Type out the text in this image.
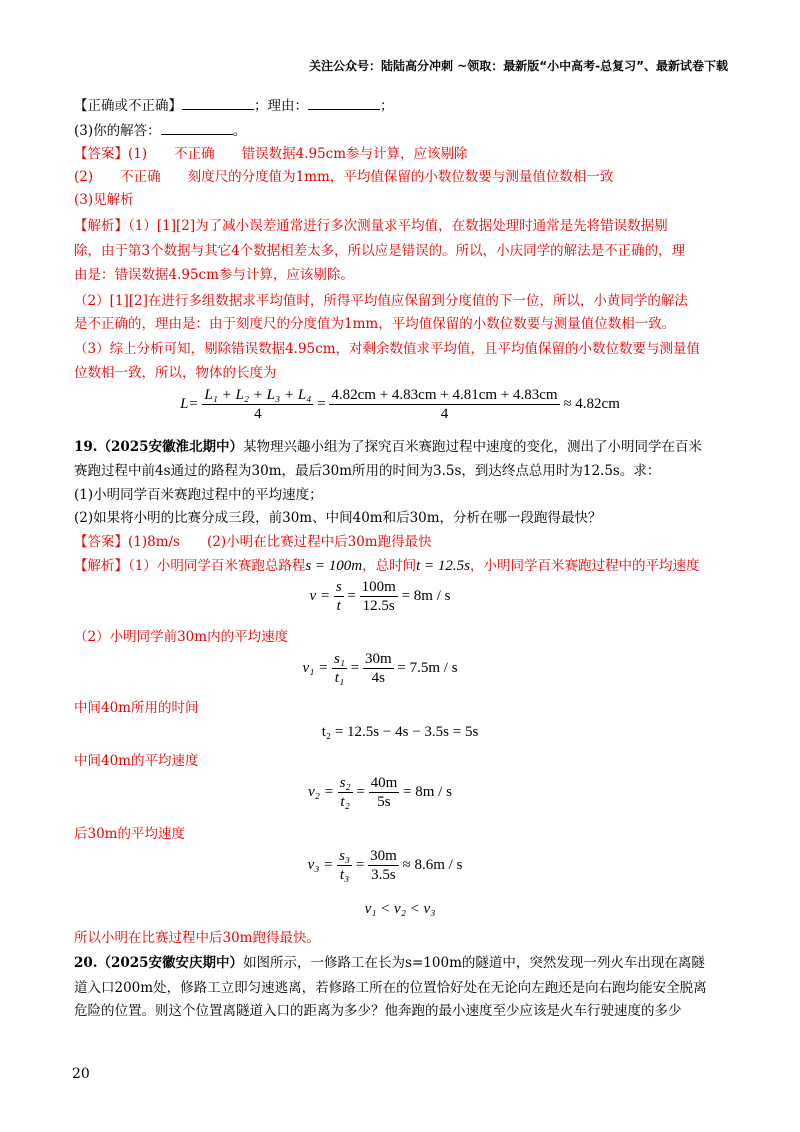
关注公众号：陆陆高分冲刺 ~领取：最新版“小中高考-总复习”、最新试卷下载
【正确或不正确】	；理由：	；
(3)你的解答：	。
【答案】(1)　　不正确　　错误数据4.95cm参与计算，应该剔除
(2)　　不正确　　刻度尺的分度值为1mm，平均值保留的小数位数要与测量值位数相一致
(3)见解析
【解析】（1）[1][2]为了减小误差通常进行多次测量求平均值，在数据处理时通常是先将错误数据剔
除，由于第3个数据与其它4个数据相差太多，所以应是错误的。所以，小庆同学的解法是不正确的，理
由是：错误数据4.95cm参与计算，应该剔除。
（2）[1][2]在进行多组数据求平均值时，所得平均值应保留到分度值的下一位，所以，小黄同学的解法
是不正确的，理由是：由于刻度尺的分度值为1mm，平均值保留的小数位数要与测量值位数相一致。
（3）综上分析可知，剔除错误数据4.95cm，对剩余数值求平均值，且平均值保留的小数位数要与测量值
位数相一致，所以，物体的长度为
$L= \frac{\text{L₁ + L₂ + L₃ + L₄}}{4} = \frac{4.82cm + 4.83cm + 4.81cm + 4.83cm}{4} \approx 4.82cm$
19.（2025安徽淮北期中）某物理兴趣小组为了探究百米赛跑过程中速度的变化，测出了小明同学在百米
赛跑过程中前4s通过的路程为30m，最后30m所用的时间为3.5s，到达终点总用时为12.5s。求：
(1)小明同学百米赛跑过程中的平均速度；
(2)如果将小明的比赛分成三段，前30m、中间40m和后30m，分析在哪一段跑得最快？
【答案】(1)8m/s　　(2)小明在比赛过程中后30m跑得最快
【解析】（1）小明同学百米赛跑总路程s = 100m，总时间t = 12.5s，小明同学百米赛跑过程中的平均速度
$v = \frac{s}{t} = \frac{100m}{12.5s} = 8m / s$
（2）小明同学前30m内的平均速度
$v_1 = \frac{\text{s₁}}{\text{t₁}} = \frac{30m}{4s} = 7.5m / s$
中间40m所用的时间
t₂ = 12.5s − 4s − 3.5s = 5s
中间40m的平均速度
$v_2 = \frac{\text{s₂}}{\text{t₂}} = \frac{40m}{5s} = 8m / s$
后30m的平均速度
$v_3 = \frac{\text{s₃}}{\text{t₃}} = \frac{30m}{3.5s} \approx 8.6m / s$
v₁ < v₂ < v₃
所以小明在比赛过程中后30m跑得最快。
20.（2025安徽安庆期中）如图所示，一修路工在长为s=100m的隧道中，突然发现一列火车出现在离隧
道入口200m处，修路工立即匀速逃离，若修路工所在的位置恰好处在无论向左跑还是向右跑均能安全脱离
危险的位置。则这个位置离隧道入口的距离为多少？他奔跑的最小速度至少应该是火车行驶速度的多少
20
